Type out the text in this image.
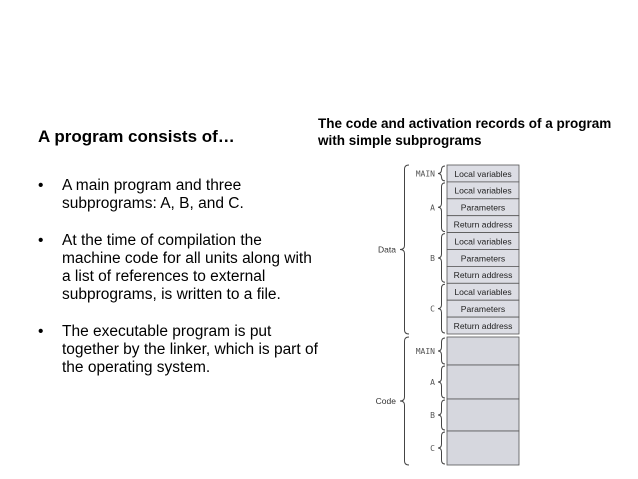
A program consists of…
• A main program and three subprograms: A, B, and C.
• At the time of compilation the machine code for all units along with a list of references to external subprograms, is written to a file.
• The executable program is put together by the linker, which is part of the operating system.
The code and activation records of a program with simple subprograms
Local variables
Local variables
Parameters
Return address
Local variables
Parameters
Return address
Local variables
Parameters
Return address
MAIN
A
B
C
Data
MAIN
A
B
C
Code
